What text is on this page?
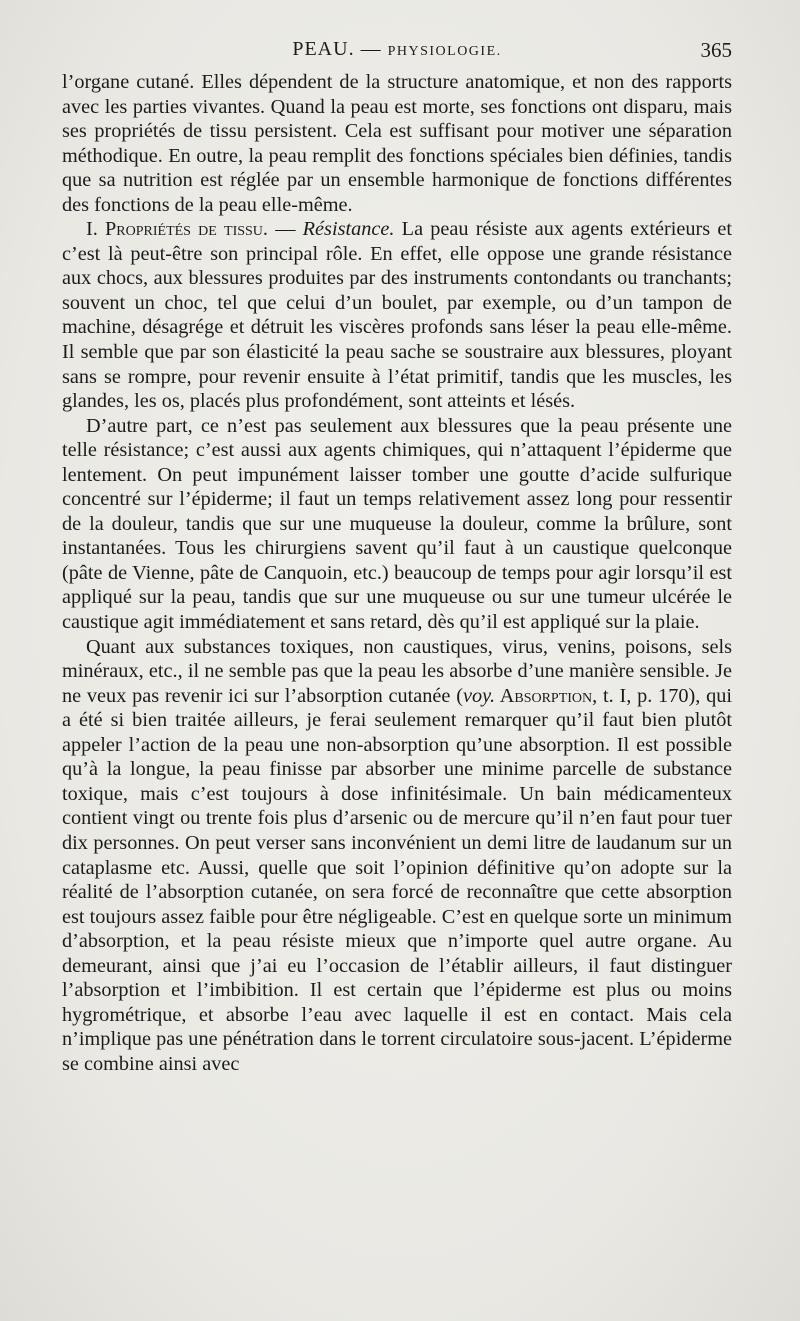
PEAU. — PHYSIOLOGIE.	365

l’organe cutané. Elles dépendent de la structure anatomique, et non des rapports avec les parties vivantes. Quand la peau est morte, ses fonctions ont disparu, mais ses propriétés de tissu persistent. Cela est suffisant pour motiver une séparation méthodique. En outre, la peau remplit des fonctions spéciales bien définies, tandis que sa nutrition est réglée par un ensemble harmonique de fonctions différentes des fonctions de la peau elle-même.

I. Propriétés de tissu. — Résistance. La peau résiste aux agents extérieurs et c’est là peut-être son principal rôle. En effet, elle oppose une grande résistance aux chocs, aux blessures produites par des instruments contondants ou tranchants; souvent un choc, tel que celui d’un boulet, par exemple, ou d’un tampon de machine, désagrége et détruit les viscères profonds sans léser la peau elle-même. Il semble que par son élasticité la peau sache se soustraire aux blessures, ployant sans se rompre, pour revenir ensuite à l’état primitif, tandis que les muscles, les glandes, les os, placés plus profondément, sont atteints et lésés.

D’autre part, ce n’est pas seulement aux blessures que la peau présente une telle résistance; c’est aussi aux agents chimiques, qui n’attaquent l’épiderme que lentement. On peut impunément laisser tomber une goutte d’acide sulfurique concentré sur l’épiderme; il faut un temps relativement assez long pour ressentir de la douleur, tandis que sur une muqueuse la douleur, comme la brûlure, sont instantanées. Tous les chirurgiens savent qu’il faut à un caustique quelconque (pâte de Vienne, pâte de Canquoin, etc.) beaucoup de temps pour agir lorsqu’il est appliqué sur la peau, tandis que sur une muqueuse ou sur une tumeur ulcérée le caustique agit immédiatement et sans retard, dès qu’il est appliqué sur la plaie.

Quant aux substances toxiques, non caustiques, virus, venins, poisons, sels minéraux, etc., il ne semble pas que la peau les absorbe d’une manière sensible. Je ne veux pas revenir ici sur l’absorption cutanée (voy. Absorption, t. I, p. 170), qui a été si bien traitée ailleurs, je ferai seulement remarquer qu’il faut bien plutôt appeler l’action de la peau une non-absorption qu’une absorption. Il est possible qu’à la longue, la peau finisse par absorber une minime parcelle de substance toxique, mais c’est toujours à dose infinitésimale. Un bain médicamenteux contient vingt ou trente fois plus d’arsenic ou de mercure qu’il n’en faut pour tuer dix personnes. On peut verser sans inconvénient un demi litre de laudanum sur un cataplasme etc. Aussi, quelle que soit l’opinion définitive qu’on adopte sur la réalité de l’absorption cutanée, on sera forcé de reconnaître que cette absorption est toujours assez faible pour être négligeable. C’est en quelque sorte un minimum d’absorption, et la peau résiste mieux que n’importe quel autre organe. Au demeurant, ainsi que j’ai eu l’occasion de l’établir ailleurs, il faut distinguer l’absorption et l’imbibition. Il est certain que l’épiderme est plus ou moins hygrométrique, et absorbe l’eau avec laquelle il est en contact. Mais cela n’implique pas une pénétration dans le torrent circulatoire sous-jacent. L’épiderme se combine ainsi avec
